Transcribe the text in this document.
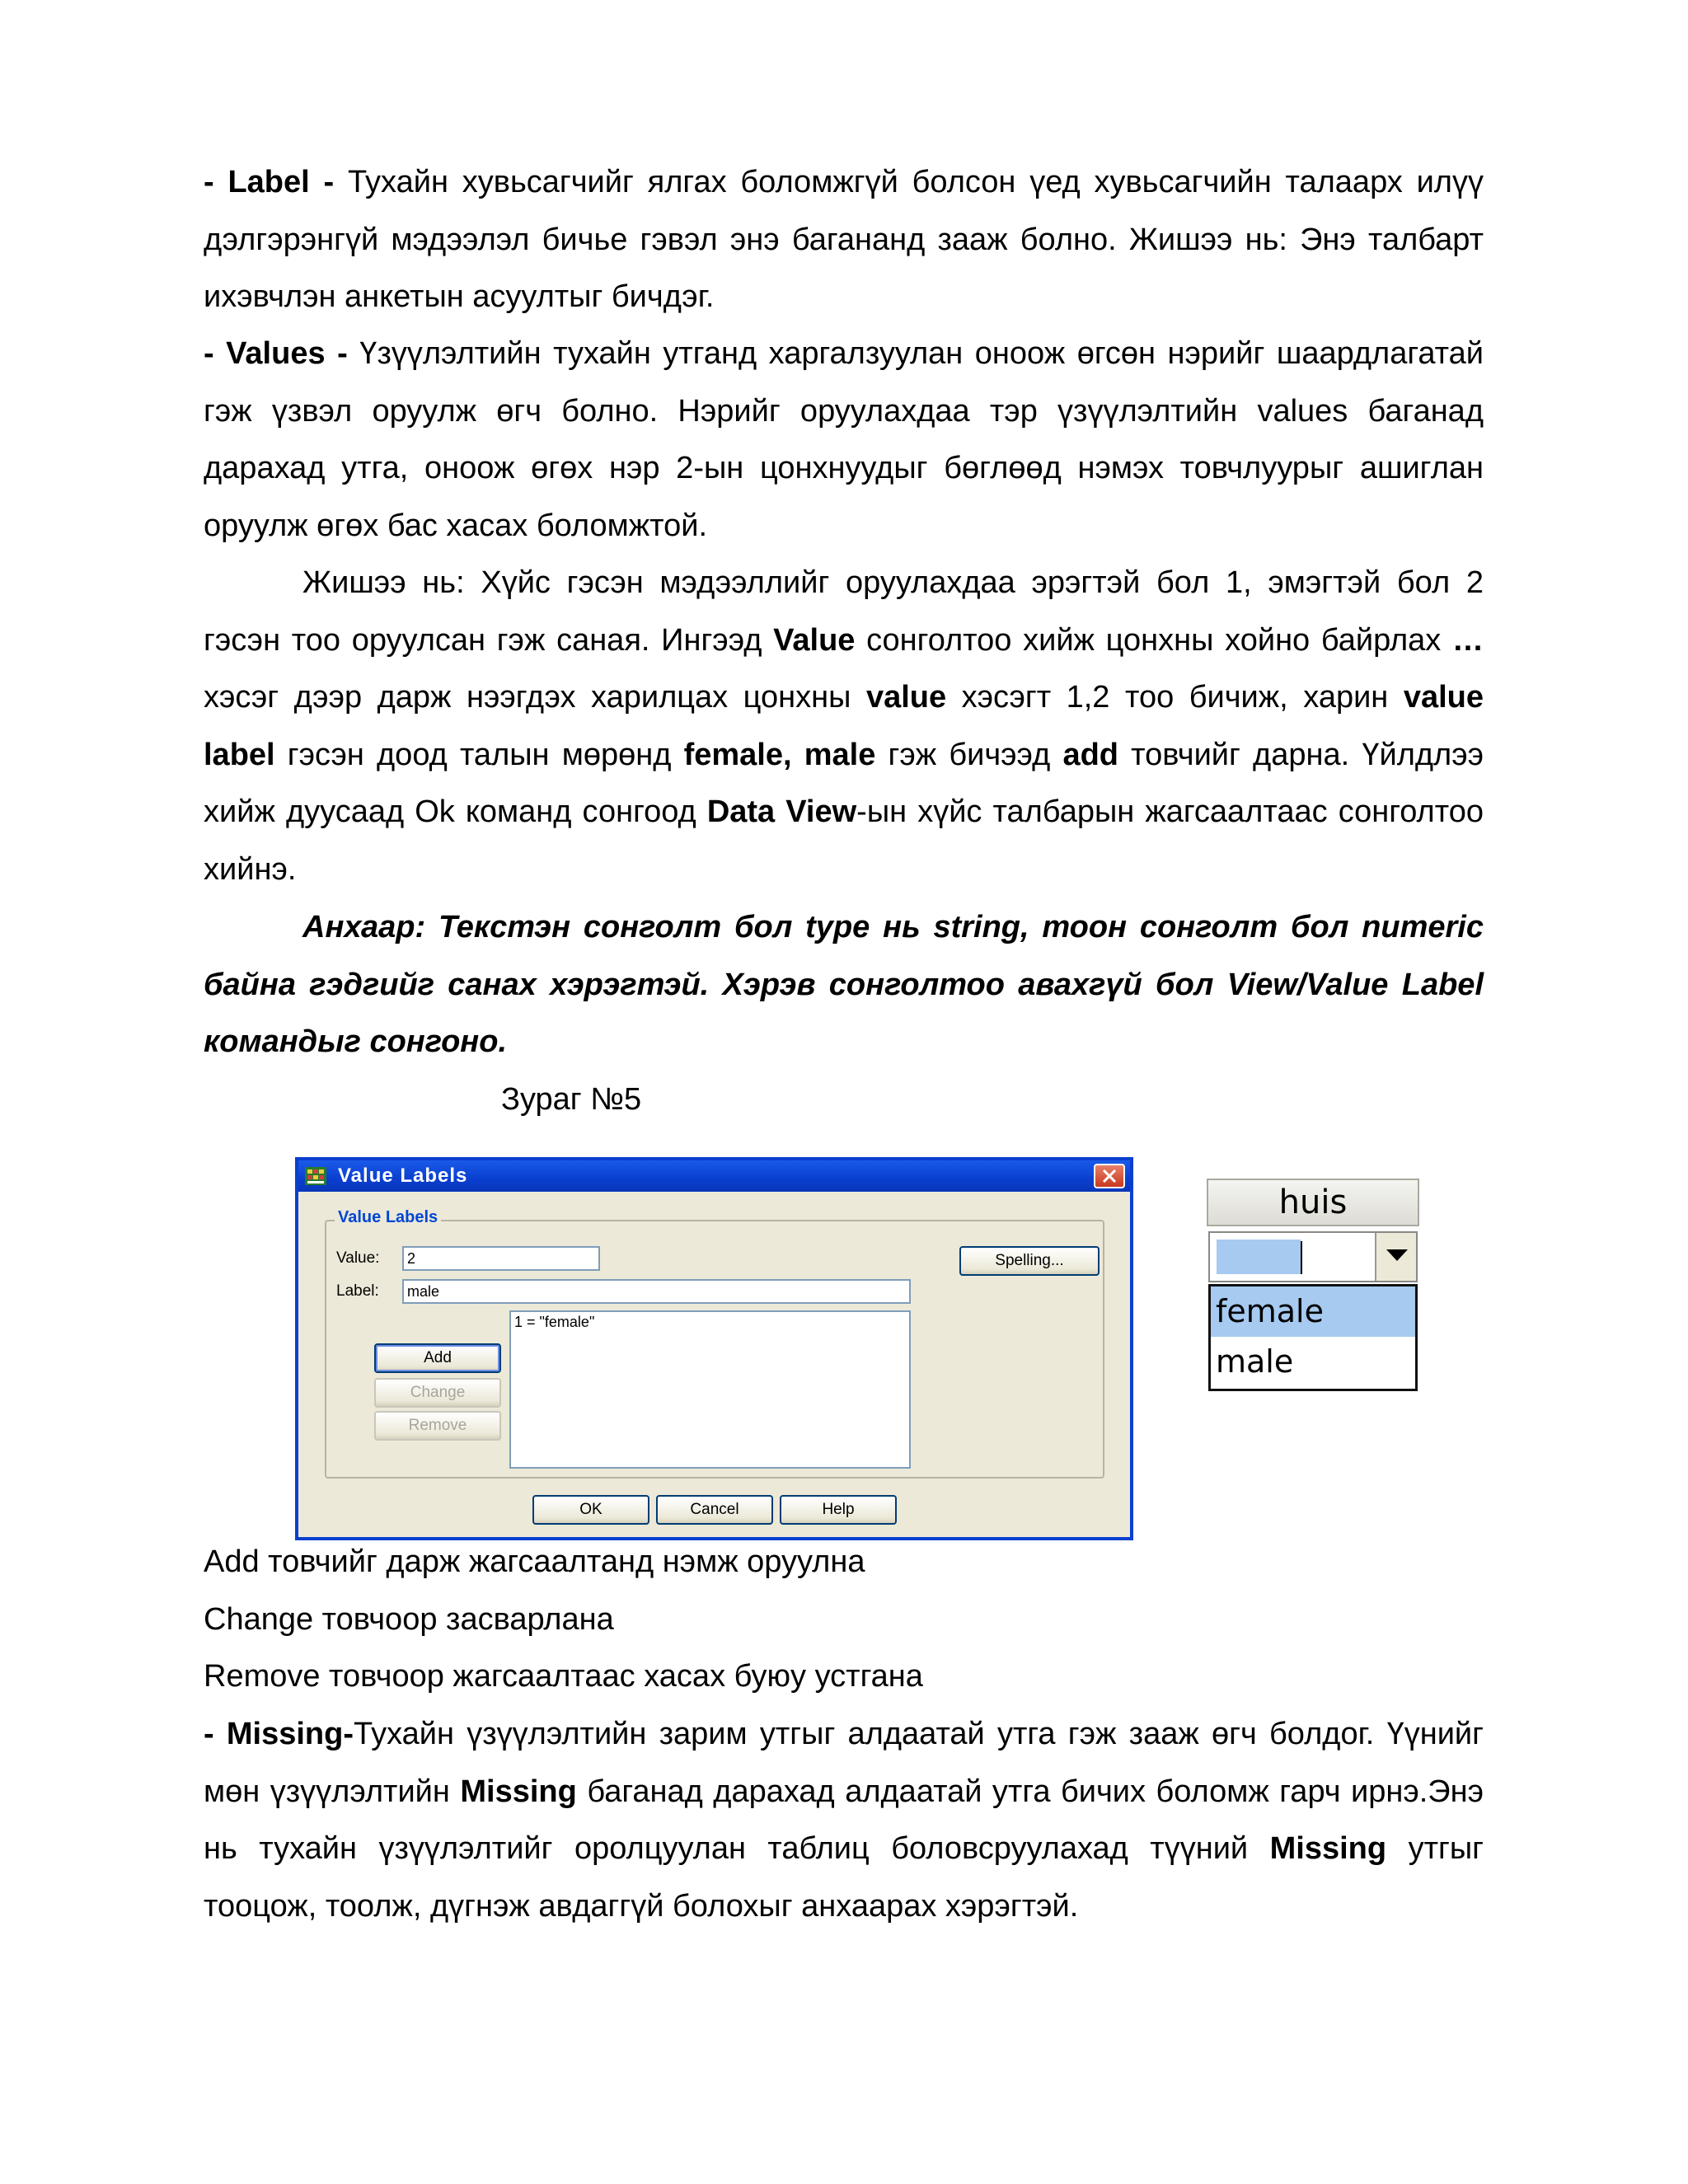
- Label - Тухайн хувьсагчийг ялгах боломжгүй болсон үед хувьсагчийн талаарх илүү дэлгэрэнгүй мэдээлэл бичье гэвэл энэ багананд зааж болно. Жишээ нь: Энэ талбарт ихэвчлэн анкетын асуултыг бичдэг.

- Values - Үзүүлэлтийн тухайн утганд харгалзуулан оноож өгсөн нэрийг шаардлагатай гэж үзвэл оруулж өгч болно. Нэрийг оруулахдаа тэр үзүүлэлтийн values баганад дарахад утга, оноож өгөх нэр 2-ын цонхнуудыг бөглөөд нэмэх товчлуурыг ашиглан оруулж өгөх бас хасах боломжтой.

Жишээ нь: Хүйс гэсэн мэдээллийг оруулахдаа эрэгтэй бол 1, эмэгтэй бол 2 гэсэн тоо оруулсан гэж саная. Ингээд Value сонголтоо хийж цонхны хойно байрлах … хэсэг дээр дарж нээгдэх харилцах цонхны value хэсэгт 1,2 тоо бичиж, харин value label гэсэн доод талын мөрөнд female, male гэж бичээд add товчийг дарна. Үйлдлээ хийж дуусаад Ok команд сонгоод Data View-ын хүйс талбарын жагсаалтаас сонголтоо хийнэ.

Анхаар: Текстэн сонголт бол type нь string, тоон сонголт бол numeric байна гэдгийг санах хэрэгтэй. Хэрэв сонголтоо авахгүй бол View/Value Label командыг сонгоно.

Зураг №5

Value Labels
Value Labels
Value:	2
Label:	male
Spelling...
1 = "female"
Add
Change
Remove
OK	Cancel	Help
huis
female
male

Add товчийг дарж жагсаалтанд нэмж оруулна

Change товчоор засварлана

Remove товчоор жагсаалтаас хасах буюу устгана

- Missing-Тухайн үзүүлэлтийн зарим утгыг алдаатай утга гэж зааж өгч болдог. Үүнийг мөн үзүүлэлтийн Missing баганад дарахад алдаатай утга бичих боломж гарч ирнэ.Энэ нь тухайн үзүүлэлтийг оролцуулан таблиц боловсруулахад түүний Missing утгыг тооцож, тоолж, дүгнэж авдаггүй болохыг анхаарах хэрэгтэй.
